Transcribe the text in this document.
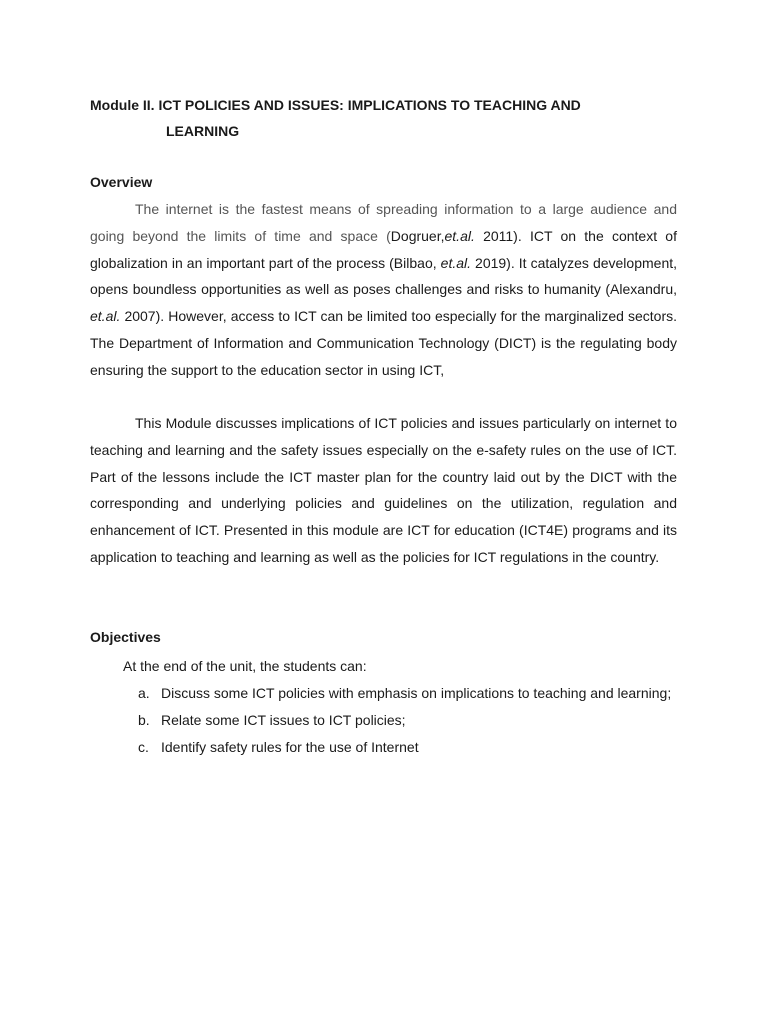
Module II. ICT POLICIES AND ISSUES: IMPLICATIONS TO TEACHING AND
LEARNING
Overview

The internet is the fastest means of spreading information to a large audience and going beyond the limits of time and space (Dogruer,et.al. 2011). ICT on the context of globalization in an important part of the process (Bilbao, et.al. 2019). It catalyzes development, opens boundless opportunities as well as poses challenges and risks to humanity (Alexandru, et.al. 2007). However, access to ICT can be limited too especially for the marginalized sectors. The Department of Information and Communication Technology (DICT) is the regulating body ensuring the support to the education sector in using ICT,

This Module discusses implications of ICT policies and issues particularly on internet to teaching and learning and the safety issues especially on the e-safety rules on the use of ICT. Part of the lessons include the ICT master plan for the country laid out by the DICT with the corresponding and underlying policies and guidelines on the utilization, regulation and enhancement of ICT. Presented in this module are ICT for education (ICT4E) programs and its application to teaching and learning as well as the policies for ICT regulations in the country.

Objectives

At the end of the unit, the students can:

a. Discuss some ICT policies with emphasis on implications to teaching and learning;
b. Relate some ICT issues to ICT policies;
c. Identify safety rules for the use of Internet
